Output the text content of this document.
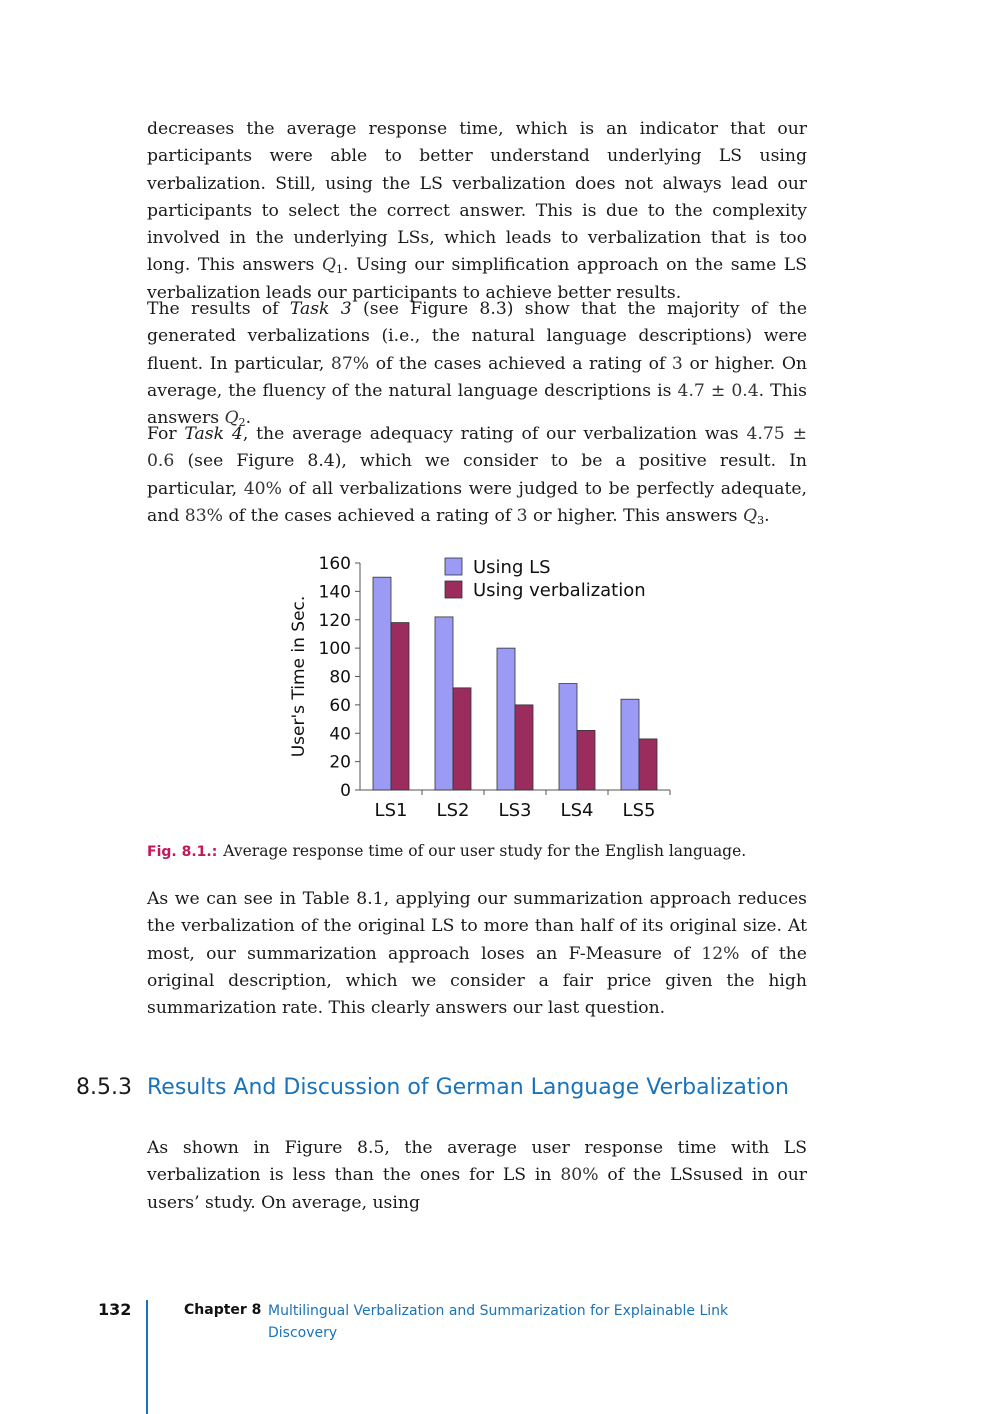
decreases the average response time, which is an indicator that our participants were able to better understand underlying LS using verbalization. Still, using the LS verbalization does not always lead our participants to select the correct answer. This is due to the complexity involved in the underlying LSs, which leads to verbalization that is too long. This answers $Q_1$. Using our simplification approach on the same LS verbalization leads our participants to achieve better results.

The results of Task 3 (see Figure 8.3) show that the majority of the generated verbalizations (i.e., the natural language descriptions) were fluent. In particular, 87% of the cases achieved a rating of 3 or higher. On average, the fluency of the natural language descriptions is 4.7 ± 0.4. This answers $Q_2$.

For Task 4, the average adequacy rating of our verbalization was 4.75 ± 0.6 (see Figure 8.4), which we consider to be a positive result. In particular, 40% of all verbalizations were judged to be perfectly adequate, and 83% of the cases achieved a rating of 3 or higher. This answers $Q_3$.

0
20
40
60
80
100
120
140
160
User's Time in Sec.
LS1 LS2 LS3 LS4 LS5
Using LS
Using verbalization
Fig. 8.1.: Average response time of our user study for the English language.

As we can see in Table 8.1, applying our summarization approach reduces the verbalization of the original LS to more than half of its original size. At most, our summarization approach loses an F-Measure of 12% of the original description, which we consider a fair price given the high summarization rate. This clearly answers our last question.

8.5.3 Results And Discussion of German Language Verbalization

As shown in Figure 8.5, the average user response time with LS verbalization is less than the ones for LS in 80% of the LSsused in our users’ study. On average, using

132	Chapter 8 Multilingual Verbalization and Summarization for Explainable Link Discovery
